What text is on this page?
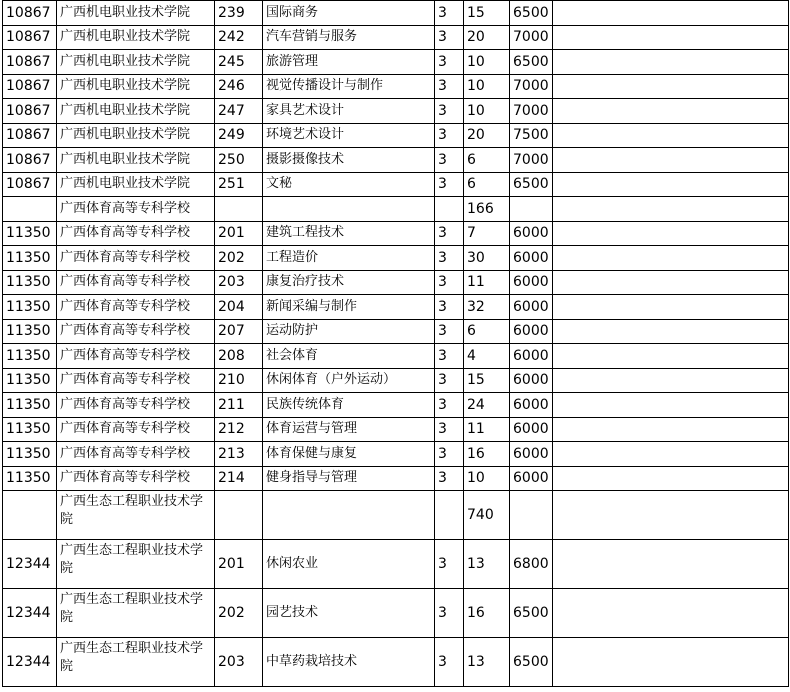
10867	广西机电职业技术学院	239	国际商务	3	15	6500	
10867	广西机电职业技术学院	242	汽车营销与服务	3	20	7000	
10867	广西机电职业技术学院	245	旅游管理	3	10	6500	
10867	广西机电职业技术学院	246	视觉传播设计与制作	3	10	7000	
10867	广西机电职业技术学院	247	家具艺术设计	3	10	7000	
10867	广西机电职业技术学院	249	环境艺术设计	3	20	7500	
10867	广西机电职业技术学院	250	摄影摄像技术	3	6	7000	
10867	广西机电职业技术学院	251	文秘	3	6	6500	
	广西体育高等专科学校				166		
11350	广西体育高等专科学校	201	建筑工程技术	3	7	6000	
11350	广西体育高等专科学校	202	工程造价	3	30	6000	
11350	广西体育高等专科学校	203	康复治疗技术	3	11	6000	
11350	广西体育高等专科学校	204	新闻采编与制作	3	32	6000	
11350	广西体育高等专科学校	207	运动防护	3	6	6000	
11350	广西体育高等专科学校	208	社会体育	3	4	6000	
11350	广西体育高等专科学校	210	休闲体育（户外运动）	3	15	6000	
11350	广西体育高等专科学校	211	民族传统体育	3	24	6000	
11350	广西体育高等专科学校	212	体育运营与管理	3	11	6000	
11350	广西体育高等专科学校	213	体育保健与康复	3	16	6000	
11350	广西体育高等专科学校	214	健身指导与管理	3	10	6000	
	广西生态工程职业技术学院				740		
12344	广西生态工程职业技术学院	201	休闲农业	3	13	6800	
12344	广西生态工程职业技术学院	202	园艺技术	3	16	6500	
12344	广西生态工程职业技术学院	203	中草药栽培技术	3	13	6500	
